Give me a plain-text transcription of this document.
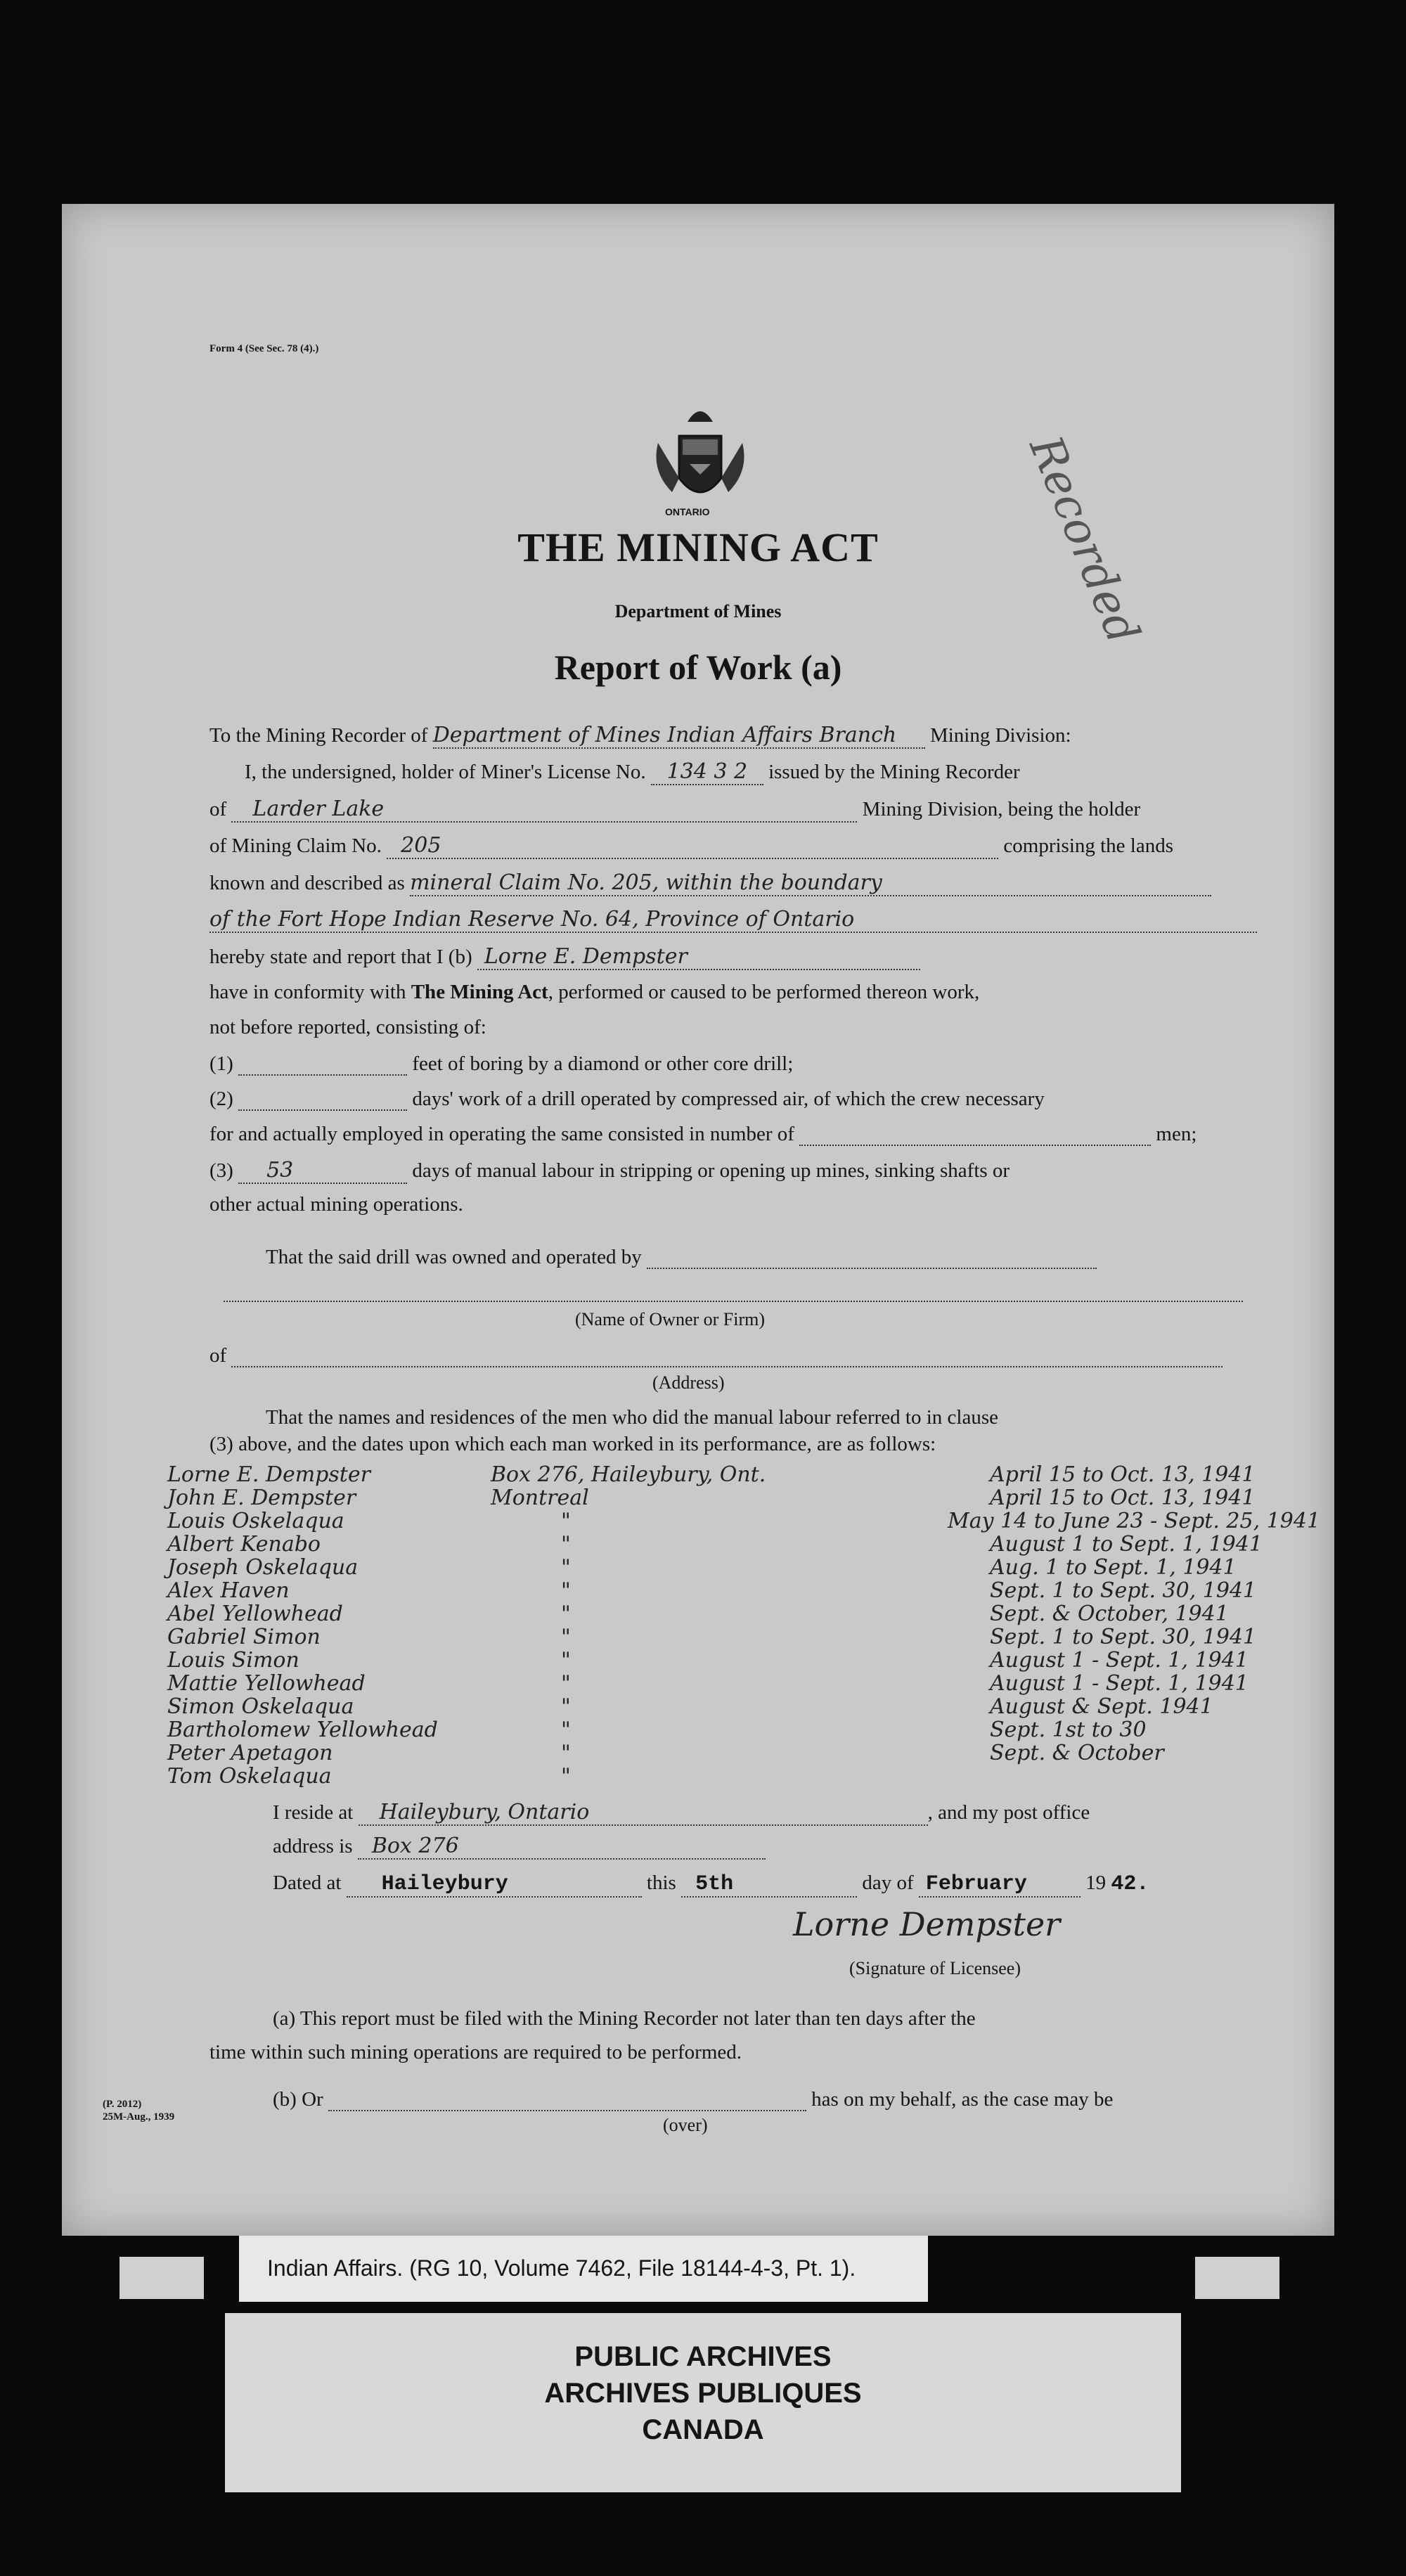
Form 4 (See Sec. 78 (4).)
ONTARIO
THE MINING ACT
Department of Mines
Report of Work (a)
Recorded
To the Mining Recorder of Department of Mines Indian Affairs Branch Mining Division:
I, the undersigned, holder of Miner's License No. 134 3 2 issued by the Mining Recorder
of Larder Lake	Mining Division, being the holder
of Mining Claim No. 205	comprising the lands
known and described as mineral Claim No. 205, within the boundary
of the Fort Hope Indian Reserve No. 64, Province of Ontario
hereby state and report that I (b) Lorne E. Dempster
have in conformity with The Mining Act, performed or caused to be performed thereon work,
not before reported, consisting of:
(1)	feet of boring by a diamond or other core drill;
(2)	days' work of a drill operated by compressed air, of which the crew necessary
for and actually employed in operating the same consisted in number of	men;
(3) 53	days of manual labour in stripping or opening up mines, sinking shafts or
other actual mining operations.
That the said drill was owned and operated by
(Name of Owner or Firm)
of
(Address)
That the names and residences of the men who did the manual labour referred to in clause
(3) above, and the dates upon which each man worked in its performance, are as follows:
Lorne E. Dempster	Box 276, Haileybury, Ont.	April 15 to Oct. 13, 1941
John E. Dempster	Montreal	April 15 to Oct. 13, 1941
Louis Oskelaqua	"	May 14 to June 23 - Sept. 25, 1941
Albert Kenabo	"	August 1 to Sept. 1, 1941
Joseph Oskelaqua	"	Aug. 1 to Sept. 1, 1941
Alex Haven	"	Sept. 1 to Sept. 30, 1941
Abel Yellowhead	"	Sept. & October, 1941
Gabriel Simon	"	Sept. 1 to Sept. 30, 1941
Louis Simon	"	August 1 - Sept. 1, 1941
Mattie Yellowhead	"	August 1 - Sept. 1, 1941
Simon Oskelaqua	"	August & Sept. 1941
Bartholomew Yellowhead	"	Sept. 1st to 30
Peter Apetagon	"	Sept. & October
Tom Oskelaqua	"
I reside at Haileybury, Ontario	, and my post office
address is Box 276
Dated at Haileybury	this 5th	day of February	19 42.
Lorne Dempster
(Signature of Licensee)
(a) This report must be filed with the Mining Recorder not later than ten days after the
time within such mining operations are required to be performed.
(b) Or	has on my behalf, as the case may be
(over)
(P. 2012)
25M-Aug., 1939
Indian Affairs. (RG 10, Volume 7462, File 18144-4-3, Pt. 1).
PUBLIC ARCHIVES
ARCHIVES PUBLIQUES
CANADA
